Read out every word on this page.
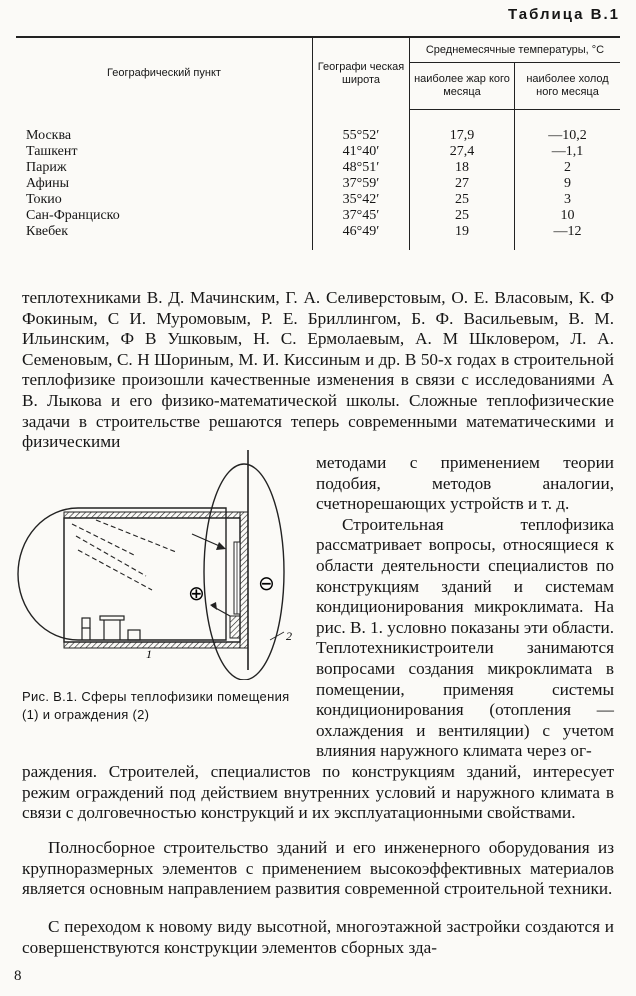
Таблица В.1
Географический пункт	Географи ческая широта	Среднемесячные температуры, °С	
		наиболее жар кого месяца	наиболее холод ного месяца

Москва	55°52′	17,9	—10,2
Ташкент	41°40′	27,4	—1,1
Париж	48°51′	18	2
Афины	37°59′	27	9
Токио	35°42′	25	3
Сан-Франциско	37°45′	25	10
Квебек	46°49′	19	—12

теплотехниками В. Д. Мачинским, Г. А. Селиверстовым, О. Е. Власовым, К. Ф Фокиным, С И. Муромовым, Р. Е. Бриллингом, Б. Ф. Васильевым, В. М. Ильинским, Ф В Ушковым, Н. С. Ермолаевым, А. М Шкловером, Л. А. Семеновым, С. Н Шориным, М. И. Киссиным и др. В 50-х годах в строительной теплофизике произошли качественные изменения в связи с исследованиями А В. Лыкова и его физико-математической школы. Сложные теплофизические задачи в строительстве решаются теперь современными математическими и физическими
⊕	⊖
2
1
Рис. В.1. Сферы теплофизики помещения (1) и ограждения (2)

методами с применением теории подобия, методов аналогии, счетнорешающих устройств и т. д.

Строительная теплофизика рассматривает вопросы, относящиеся к области деятельности специалистов по конструкциям зданий и системам кондиционирования микроклимата. На рис. В. 1. условно показаны эти области. Теплотехникистроители занимаются вопросами создания микроклимата в помещении, применяя системы кондиционирования (отопления — охлаждения и вентиляции) с учетом влияния наружного климата через ог-

раждения. Строителей, специалистов по конструкциям зданий, интересует режим ограждений под действием внутренних условий и наружного климата в связи с долговечностью конструкций и их эксплуатационными свойствами.
Полносборное строительство зданий и его инженерного оборудования из крупноразмерных элементов с применением высокоэффективных материалов является основным направлением развития современной строительной техники.
С переходом к новому виду высотной, многоэтажной застройки создаются и совершенствуются конструкции элементов сборных зда-
8
